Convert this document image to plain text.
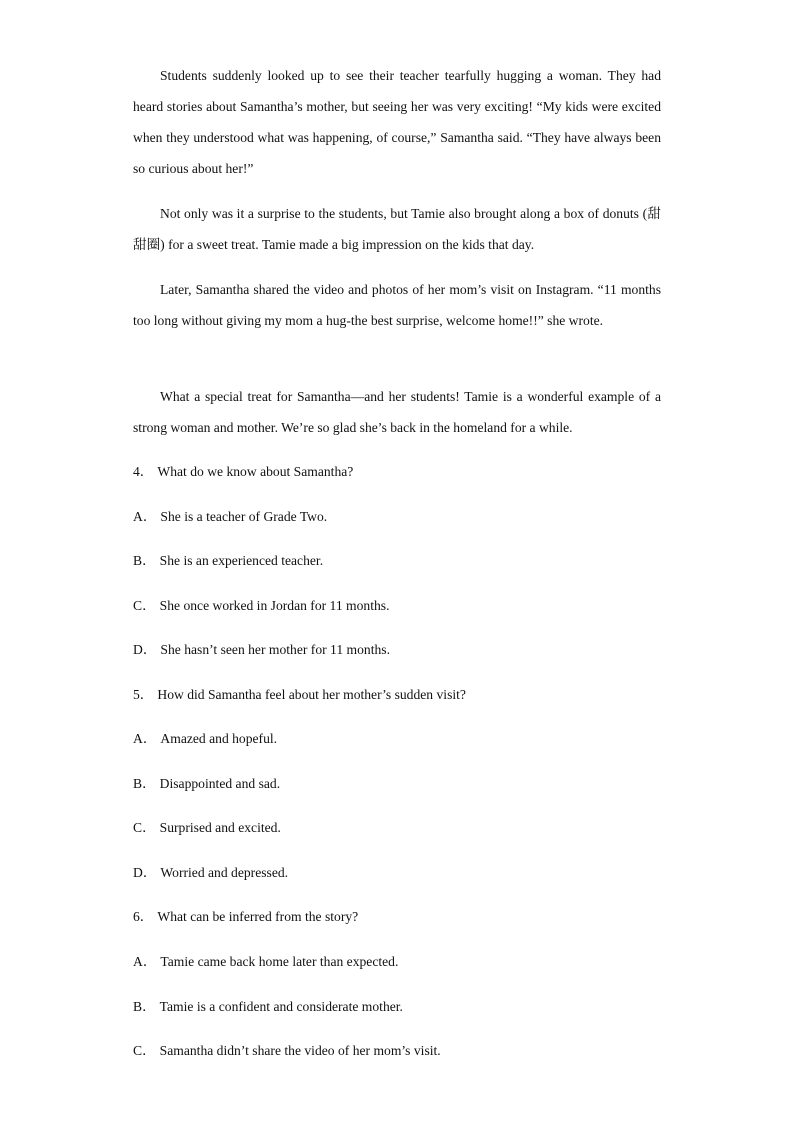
Students suddenly looked up to see their teacher tearfully hugging a woman. They had heard stories about Samantha’s mother, but seeing her was very exciting! “My kids were excited when they understood what was happening, of course,” Samantha said. “They have always been so curious about her!”

Not only was it a surprise to the students, but Tamie also brought along a box of donuts (甜甜圈) for a sweet treat. Tamie made a big impression on the kids that day.

Later, Samantha shared the video and photos of her mom’s visit on Instagram. “11 months too long without giving my mom a hug-the best surprise, welcome home!!” she wrote.

What a special treat for Samantha—and her students! Tamie is a wonderful example of a strong woman and mother. We’re so glad she’s back in the homeland for a while.

4． What do we know about Samantha?
A． She is a teacher of Grade Two.
B． She is an experienced teacher.
C． She once worked in Jordan for 11 months.
D． She hasn’t seen her mother for 11 months.
5． How did Samantha feel about her mother’s sudden visit?
A． Amazed and hopeful.
B． Disappointed and sad.
C． Surprised and excited.
D． Worried and depressed.
6． What can be inferred from the story?
A． Tamie came back home later than expected.
B． Tamie is a confident and considerate mother.
C． Samantha didn’t share the video of her mom’s visit.
